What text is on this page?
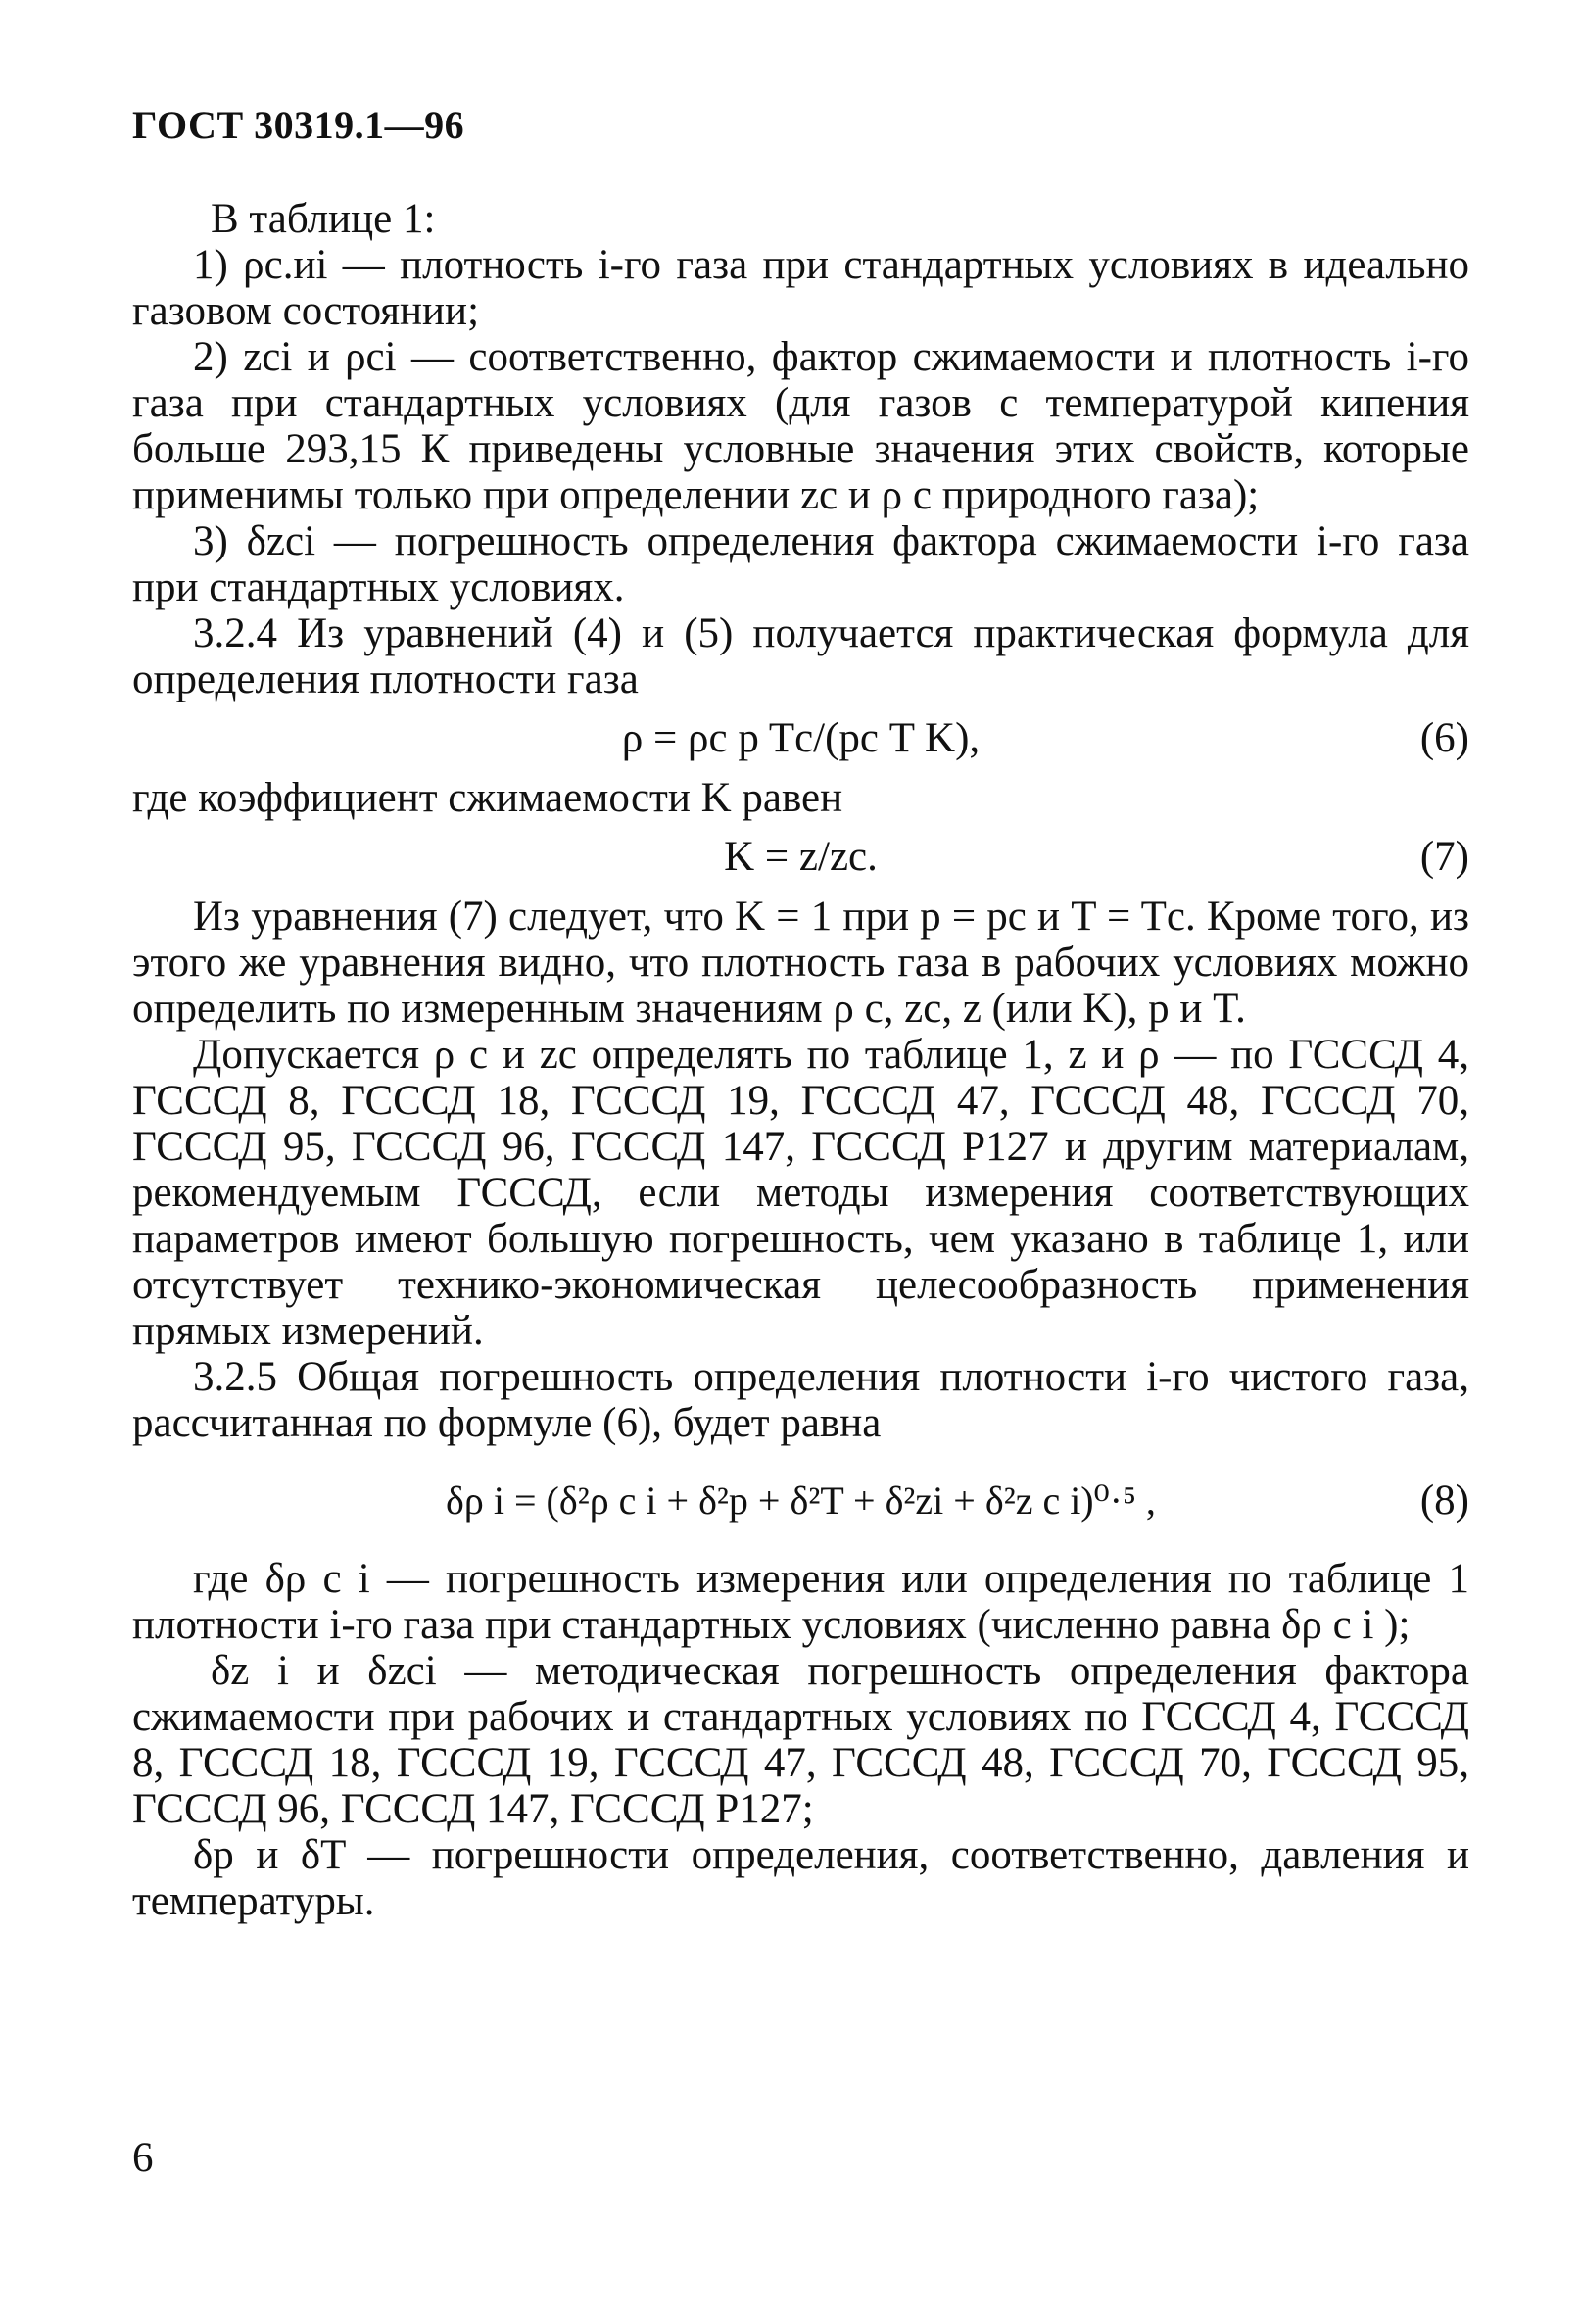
ГОСТ 30319.1—96

В таблице 1:

1) ρс.иi — плотность i-го газа при стандартных условиях в идеально газовом состоянии;

2) zсi и ρсi — соответственно, фактор сжимаемости и плотность i-го газа при стандартных условиях (для газов с температурой кипения больше 293,15 К приведены условные значения этих свойств, которые применимы только при определении zс и ρ с природного газа);

3) δzсi — погрешность определения фактора сжимаемости i-го газа при стандартных условиях.

3.2.4 Из уравнений (4) и (5) получается практическая формула для определения плотности газа

ρ = ρс p Tс/(pс T K),	(6)

где коэффициент сжимаемости K равен

K = z/zс.	(7)

Из уравнения (7) следует, что K = 1 при p = pс и T = Tс. Кроме того, из этого же уравнения видно, что плотность газа в рабочих условиях можно определить по измеренным значениям ρ с, zс, z (или K), p и T.

Допускается ρ с и zс определять по таблице 1, z и ρ — по ГСССД 4, ГСССД 8, ГСССД 18, ГСССД 19, ГСССД 47, ГСССД 48, ГСССД 70, ГСССД 95, ГСССД 96, ГСССД 147, ГСССД Р127 и другим материалам, рекомендуемым ГСССД, если методы измерения соответствующих параметров имеют большую погрешность, чем указано в таблице 1, или отсутствует технико-экономическая целесообразность применения прямых измерений.

3.2.5 Общая погрешность определения плотности i-го чистого газа, рассчитанная по формуле (6), будет равна

δρ i = (δ²ρ с i + δ²p + δ²T + δ²zi + δ²z с i)⁰·⁵ ,	(8)

где δρ с i — погрешность измерения или определения по таблице 1 плотности i-го газа при стандартных условиях (численно равна δρ с i );

δz i и δzсi — методическая погрешность определения фактора сжимаемости при рабочих и стандартных условиях по ГСССД 4, ГСССД 8, ГСССД 18, ГСССД 19, ГСССД 47, ГСССД 48, ГСССД 70, ГСССД 95, ГСССД 96, ГСССД 147, ГСССД Р127;

δp и δT — погрешности определения, соответственно, давления и температуры.

6
